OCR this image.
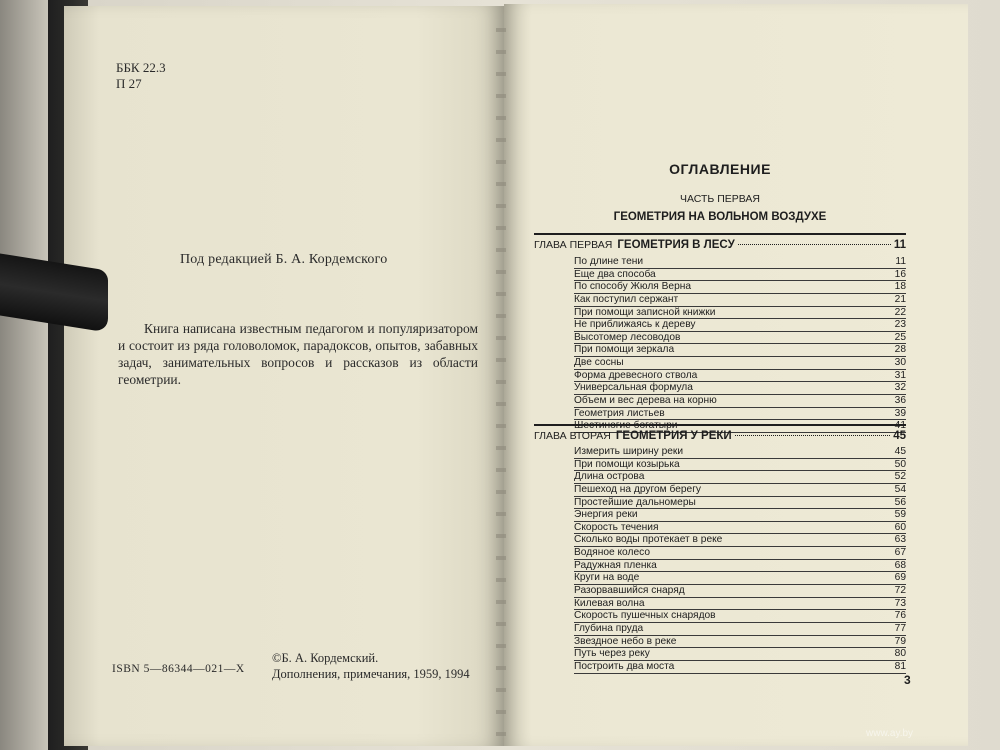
ББК 22.3
П 27
Под редакцией Б. А. Кордемского
Книга написана известным педагогом и популяризатором и состоит из ряда головоломок, парадоксов, опытов, забавных задач, занимательных вопросов и рассказов из области геометрии.
ISBN 5—86344—021—X
©Б. А. Кордемский.
Дополнения, примечания, 1959, 1994
ОГЛАВЛЕНИЕ
ЧАСТЬ ПЕРВАЯ
ГЕОМЕТРИЯ НА ВОЛЬНОМ ВОЗДУХЕ
ГЛАВА ПЕРВАЯ ГЕОМЕТРИЯ В ЛЕСУ	11
По длине тени	11
Еще два способа	16
По способу Жюля Верна	18
Как поступил сержант	21
При помощи записной книжки	22
Не приближаясь к дереву	23
Высотомер лесоводов	25
При помощи зеркала	28
Две сосны	30
Форма древесного ствола	31
Универсальная формула	32
Объем и вес дерева на корню	36
Геометрия листьев	39
Шестиногие богатыри	41
ГЛАВА ВТОРАЯ ГЕОМЕТРИЯ У РЕКИ	45
Измерить ширину реки	45
При помощи козырька	50
Длина острова	52
Пешеход на другом берегу	54
Простейшие дальномеры	56
Энергия реки	59
Скорость течения	60
Сколько воды протекает в реке	63
Водяное колесо	67
Радужная пленка	68
Круги на воде	69
Разорвавшийся снаряд	72
Килевая волна	73
Скорость пушечных снарядов	76
Глубина пруда	77
Звездное небо в реке	79
Путь через реку	80
Построить два моста	81
3
www.ay.by
